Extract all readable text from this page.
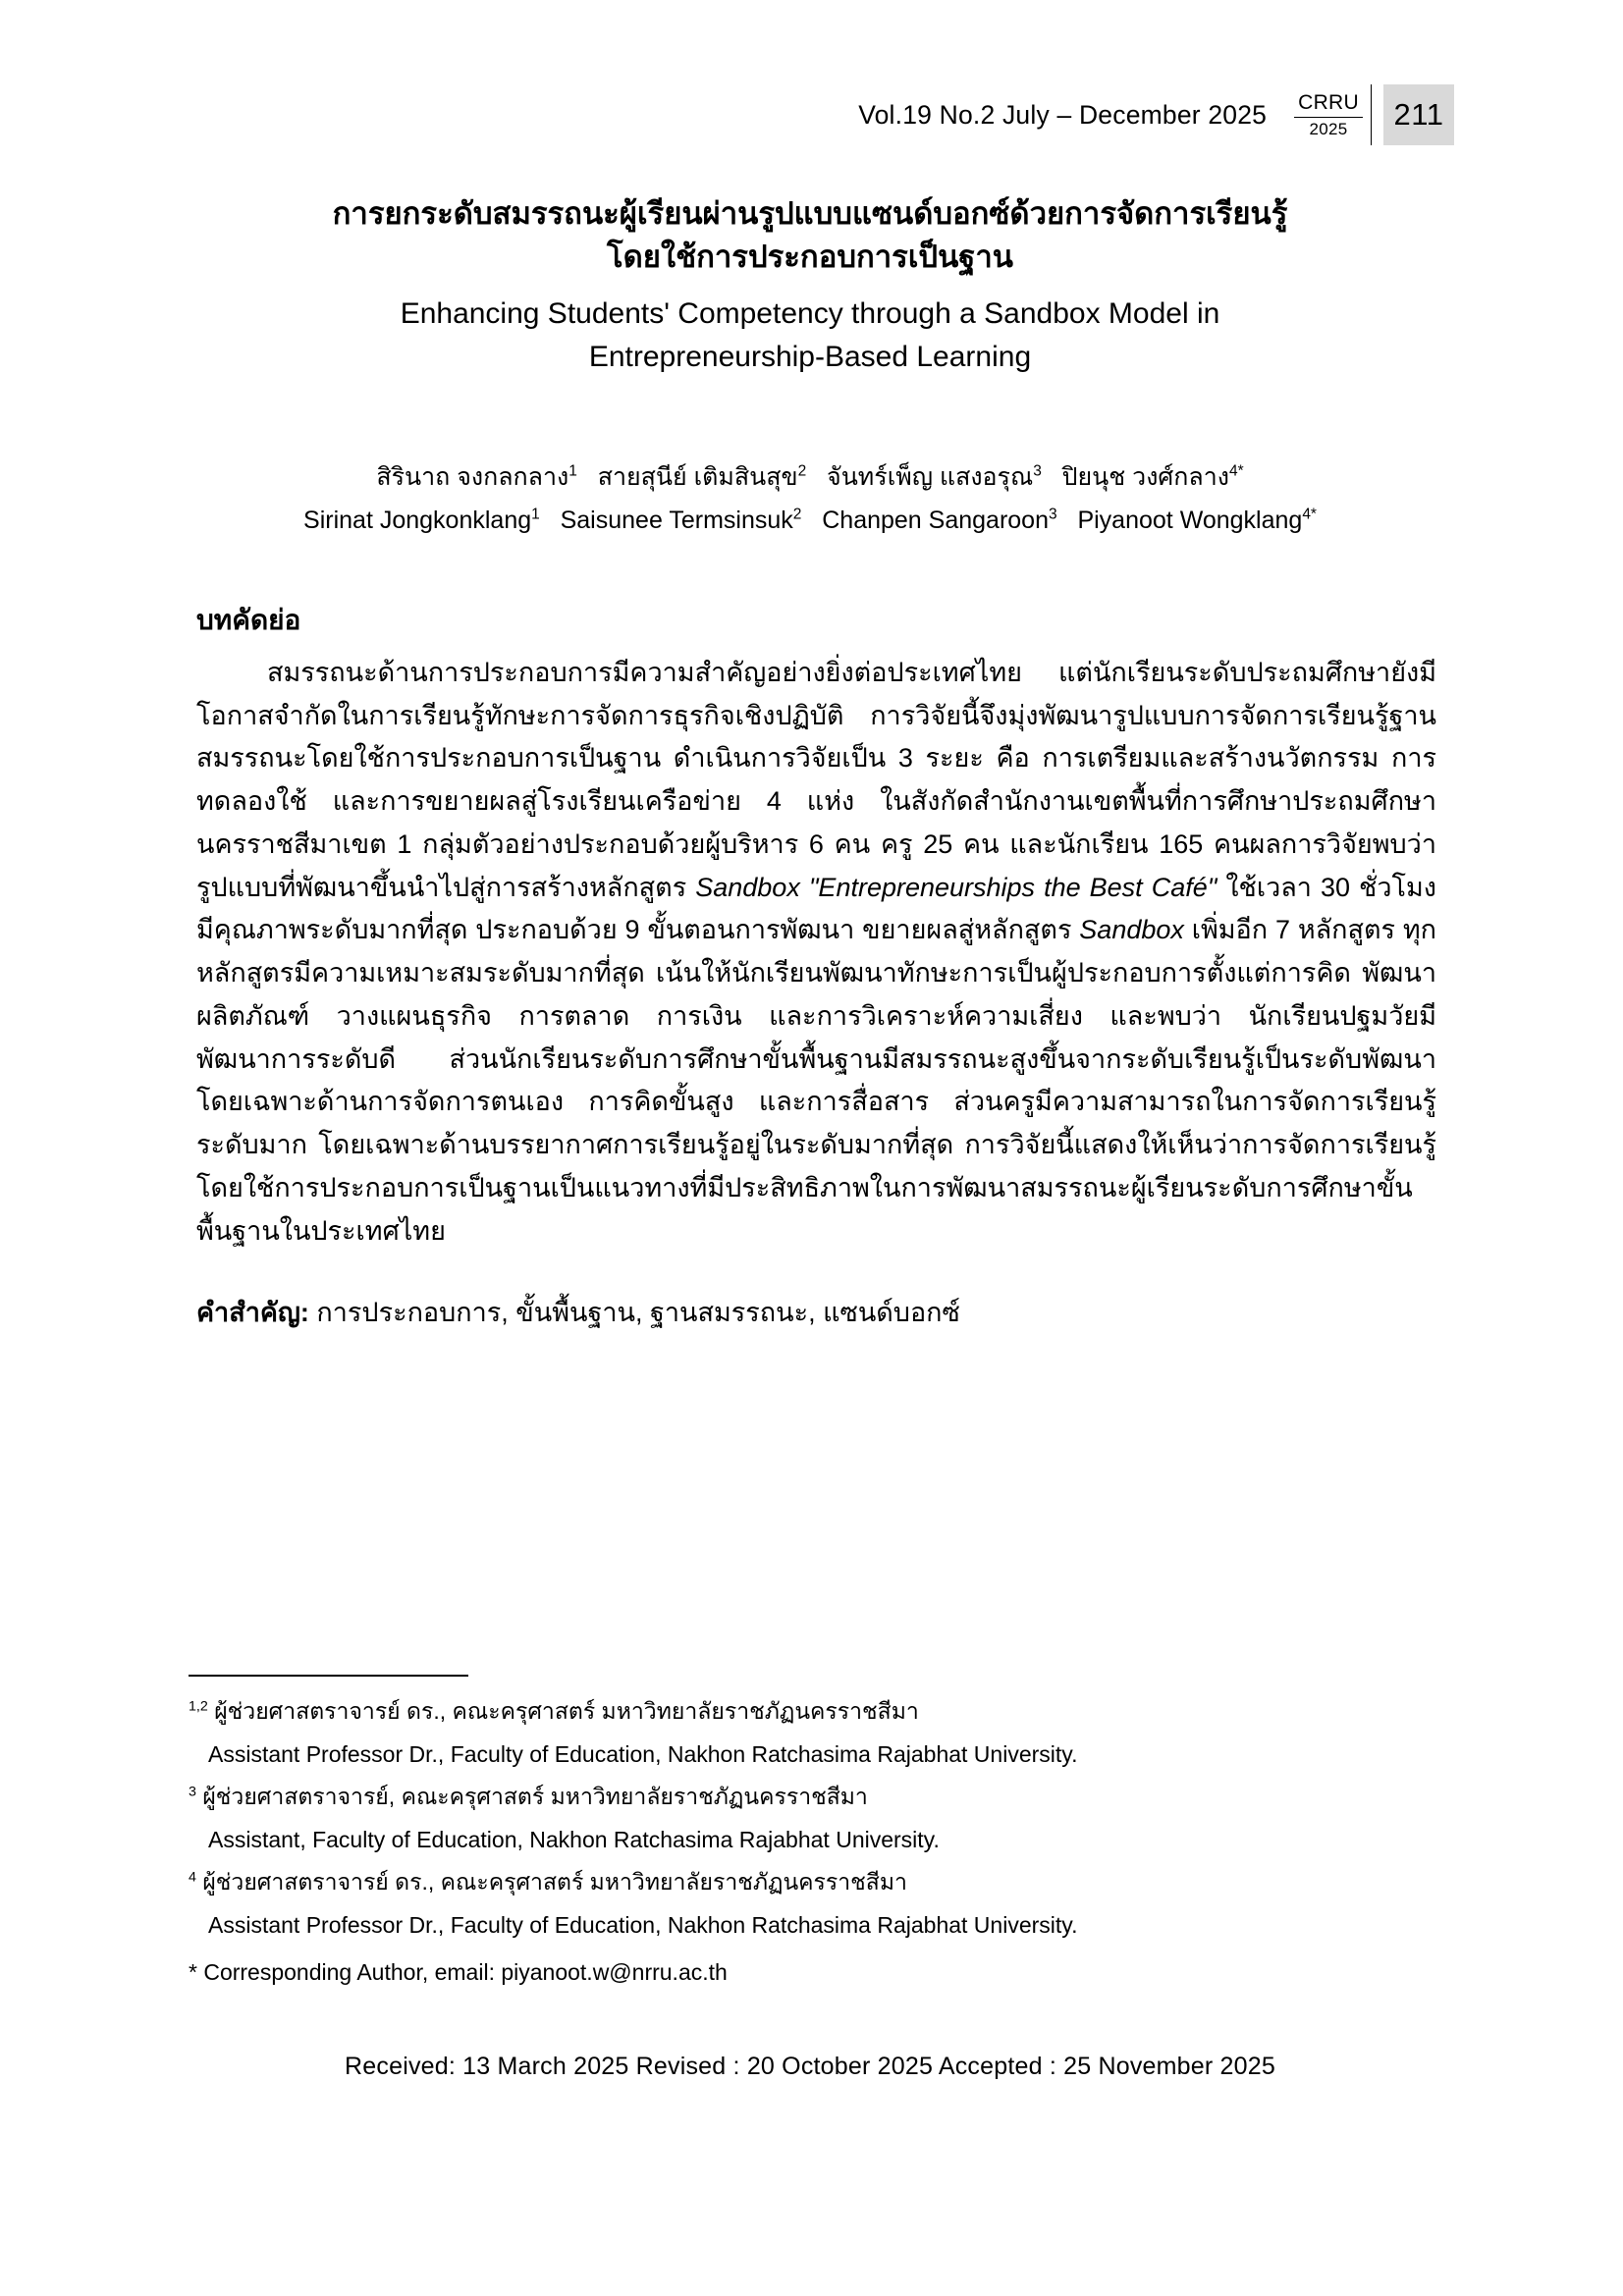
Vol.19 No.2 July – December 2025	CRRU
2025	211
การยกระดับสมรรถนะผู้เรียนผ่านรูปแบบแซนด์บอกซ์ด้วยการจัดการเรียนรู้
โดยใช้การประกอบการเป็นฐาน
Enhancing Students' Competency through a Sandbox Model in
Entrepreneurship-Based Learning
สิรินาถ จงกลกลาง$^1$ สายสุนีย์ เติมสินสุข$^2$ จันทร์เพ็ญ แสงอรุณ$^3$ ปิยนุช วงศ์กลาง$^{4*}$
Sirinat Jongkonklang$^1$ Saisunee Termsinsuk$^2$ Chanpen Sangaroon$^3$ Piyanoot Wongklang$^{4*}$
บทคัดย่อ

สมรรถนะด้านการประกอบการมีความสำคัญอย่างยิ่งต่อประเทศไทย แต่นักเรียนระดับประถมศึกษายังมีโอกาสจำกัดในการเรียนรู้ทักษะการจัดการธุรกิจเชิงปฏิบัติ การวิจัยนี้จึงมุ่งพัฒนารูปแบบการจัดการเรียนรู้ฐานสมรรถนะโดยใช้การประกอบการเป็นฐาน ดำเนินการวิจัยเป็น 3 ระยะ คือ การเตรียมและสร้างนวัตกรรม การทดลองใช้ และการขยายผลสู่โรงเรียนเครือข่าย 4 แห่ง ในสังกัดสำนักงานเขตพื้นที่การศึกษาประถมศึกษานครราชสีมาเขต 1 กลุ่มตัวอย่างประกอบด้วยผู้บริหาร 6 คน ครู 25 คน และนักเรียน 165 คนผลการวิจัยพบว่า รูปแบบที่พัฒนาขึ้นนำไปสู่การสร้างหลักสูตร Sandbox "Entrepreneurships the Best Café" ใช้เวลา 30 ชั่วโมง มีคุณภาพระดับมากที่สุด ประกอบด้วย 9 ขั้นตอนการพัฒนา ขยายผลสู่หลักสูตร Sandbox เพิ่มอีก 7 หลักสูตร ทุกหลักสูตรมีความเหมาะสมระดับมากที่สุด เน้นให้นักเรียนพัฒนาทักษะการเป็นผู้ประกอบการตั้งแต่การคิด พัฒนาผลิตภัณฑ์ วางแผนธุรกิจ การตลาด การเงิน และการวิเคราะห์ความเสี่ยง และพบว่า นักเรียนปฐมวัยมีพัฒนาการระดับดี ส่วนนักเรียนระดับการศึกษาขั้นพื้นฐานมีสมรรถนะสูงขึ้นจากระดับเรียนรู้เป็นระดับพัฒนา โดยเฉพาะด้านการจัดการตนเอง การคิดขั้นสูง และการสื่อสาร ส่วนครูมีความสามารถในการจัดการเรียนรู้ระดับมาก โดยเฉพาะด้านบรรยากาศการเรียนรู้อยู่ในระดับมากที่สุด การวิจัยนี้แสดงให้เห็นว่าการจัดการเรียนรู้โดยใช้การประกอบการเป็นฐานเป็นแนวทางที่มีประสิทธิภาพในการพัฒนาสมรรถนะผู้เรียนระดับการศึกษาขั้นพื้นฐานในประเทศไทย

คำสำคัญ: การประกอบการ, ขั้นพื้นฐาน, ฐานสมรรถนะ, แซนด์บอกซ์

$^{1,2}$ ผู้ช่วยศาสตราจารย์ ดร., คณะครุศาสตร์ มหาวิทยาลัยราชภัฏนครราชสีมา
Assistant Professor Dr., Faculty of Education, Nakhon Ratchasima Rajabhat University.
$^3$ ผู้ช่วยศาสตราจารย์, คณะครุศาสตร์ มหาวิทยาลัยราชภัฏนครราชสีมา
Assistant, Faculty of Education, Nakhon Ratchasima Rajabhat University.
$^4$ ผู้ช่วยศาสตราจารย์ ดร., คณะครุศาสตร์ มหาวิทยาลัยราชภัฏนครราชสีมา
Assistant Professor Dr., Faculty of Education, Nakhon Ratchasima Rajabhat University.
* Corresponding Author, email: piyanoot.w@nrru.ac.th
Received: 13 March 2025 Revised : 20 October 2025 Accepted : 25 November 2025
